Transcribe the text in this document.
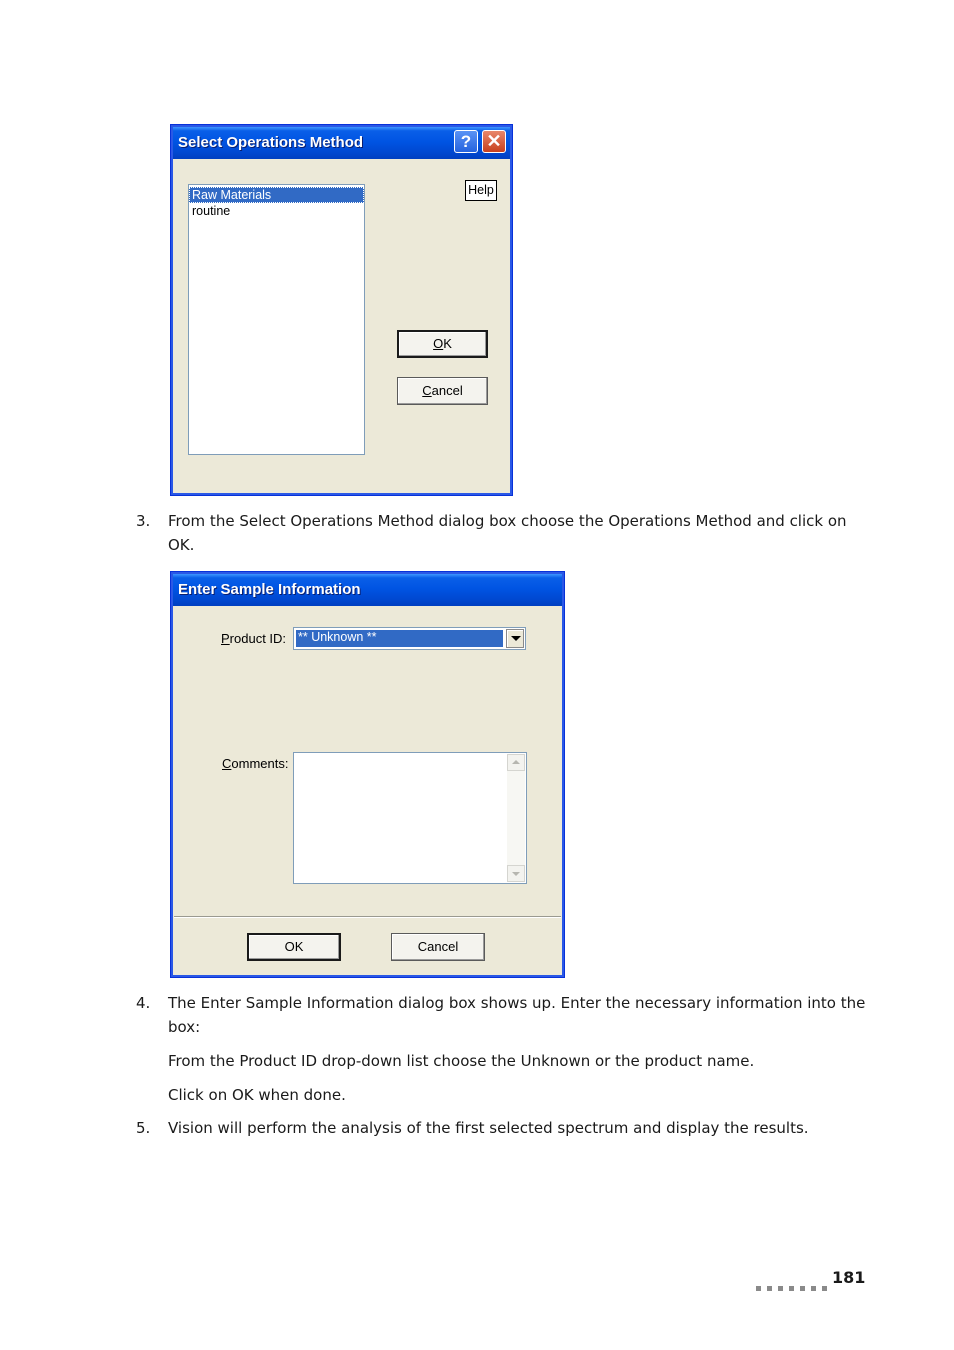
Select Operations Method	? ✕
Raw Materials
routine
Help
OK
Cancel
3. From the Select Operations Method dialog box choose the Operations Method and click on
OK.
Enter Sample Information
Product ID: ** Unknown **
Comments:
OK	Cancel
4. The Enter Sample Information dialog box shows up. Enter the necessary information into the
box:
From the Product ID drop-down list choose the Unknown or the product name.
Click on OK when done.
5. Vision will perform the analysis of the first selected spectrum and display the results.
181
